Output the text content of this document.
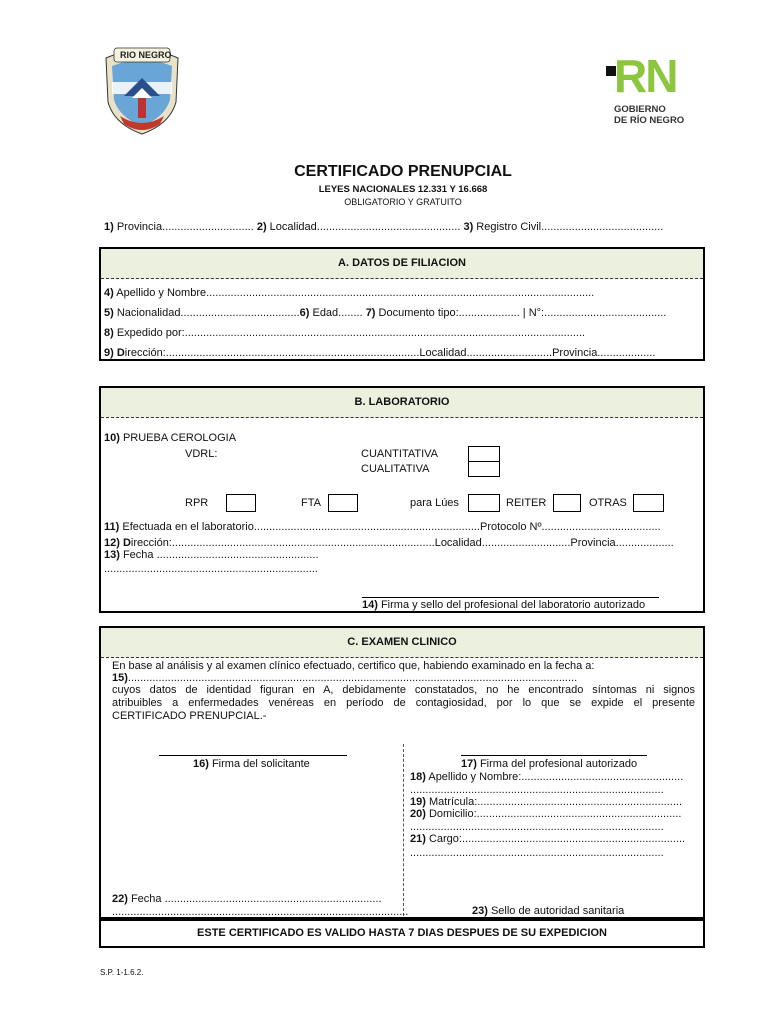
RIO NEGRO	RN
GOBIERNO
DE RÍO NEGRO
CERTIFICADO PRENUPCIAL
LEYES NACIONALES 12.331 Y 16.668
OBLIGATORIO Y GRATUITO
1) Provincia.............................. 2) Localidad............................................... 3) Registro Civil........................................
A. DATOS DE FILIACION
4) Apellido y Nombre...............................................................................................................................
5) Nacionalidad.......................................6) Edad........ 7) Documento tipo:.................... | N°:........................................
8) Expedido por:...................................................................................................................................
9) Dirección:...................................................................................Localidad............................Provincia...................
B. LABORATORIO
10) PRUEBA CEROLOGIA
VDRL:	CUANTITATIVA
CUALITATIVA
RPR	FTA	para Lúes	REITER	OTRAS
11) Efectuada en el laboratorio..........................................................................Protocolo Nº.......................................
12) Dirección:......................................................................................Localidad.............................Provincia...................
13) Fecha .....................................................
......................................................................
14) Firma y sello del profesional del laboratorio autorizado
C. EXAMEN CLINICO
En base al análisis y al examen clínico efectuado, certifico que, habiendo examinado en la fecha a:
15)...................................................................................................................................................
cuyos datos de identidad figuran en A, debidamente constatados, no he encontrado síntomas ni signos
atribuibles a enfermedades venéreas en período de contagiosidad, por lo que se expide el presente
CERTIFICADO PRENUPCIAL.-
16) Firma del solicitante	17) Firma del profesional autorizado
18) Apellido y Nombre:.....................................................
...................................................................................
19) Matrícula:...................................................................
20) Domicilio:...................................................................
...................................................................................
21) Cargo:.........................................................................
...................................................................................
22) Fecha .......................................................................
.................................................................................................	23) Sello de autoridad sanitaria
ESTE CERTIFICADO ES VALIDO HASTA 7 DIAS DESPUES DE SU EXPEDICION
S.P. 1-1.6.2.
